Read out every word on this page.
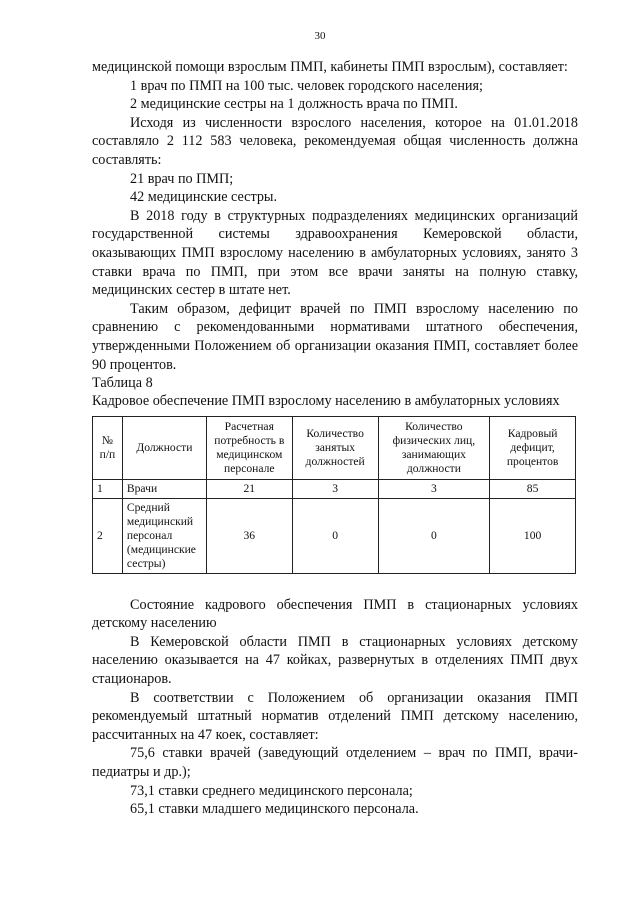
30

медицинской помощи взрослым ПМП, кабинеты ПМП взрослым), составляет:

1 врач по ПМП на 100 тыс. человек городского населения;

2 медицинские сестры на 1 должность врача по ПМП.

Исходя из численности взрослого населения, которое на 01.01.2018 составляло 2 112 583 человека, рекомендуемая общая численность должна составлять:

21 врач по ПМП;

42 медицинские сестры.

В 2018 году в структурных подразделениях медицинских организаций государственной системы здравоохранения Кемеровской области, оказывающих ПМП взрослому населению в амбулаторных условиях, занято 3 ставки врача по ПМП, при этом все врачи заняты на полную ставку, медицинских сестер в штате нет.

Таким образом, дефицит врачей по ПМП взрослому населению по сравнению с рекомендованными нормативами штатного обеспечения, утвержденными Положением об организации оказания ПМП, составляет более 90 процентов.

Таблица 8

Кадровое обеспечение ПМП взрослому населению в амбулаторных условиях

№ п/п	Должности	Расчетная потребность в медицинском персонале	Количество занятых должностей	Количество физических лиц, занимающих должности	Кадровый дефицит, процентов
1	Врачи	21	3	3	85
2	Средний медицинский персонал (медицинские сестры)	36	0	0	100

Состояние кадрового обеспечения ПМП в стационарных условиях детскому населению

В Кемеровской области ПМП в стационарных условиях детскому населению оказывается на 47 койках, развернутых в отделениях ПМП двух стационаров.

В соответствии с Положением об организации оказания ПМП рекомендуемый штатный норматив отделений ПМП детскому населению, рассчитанных на 47 коек, составляет:

75,6 ставки врачей (заведующий отделением – врач по ПМП, врачи-педиатры и др.);

73,1 ставки среднего медицинского персонала;

65,1 ставки младшего медицинского персонала.
